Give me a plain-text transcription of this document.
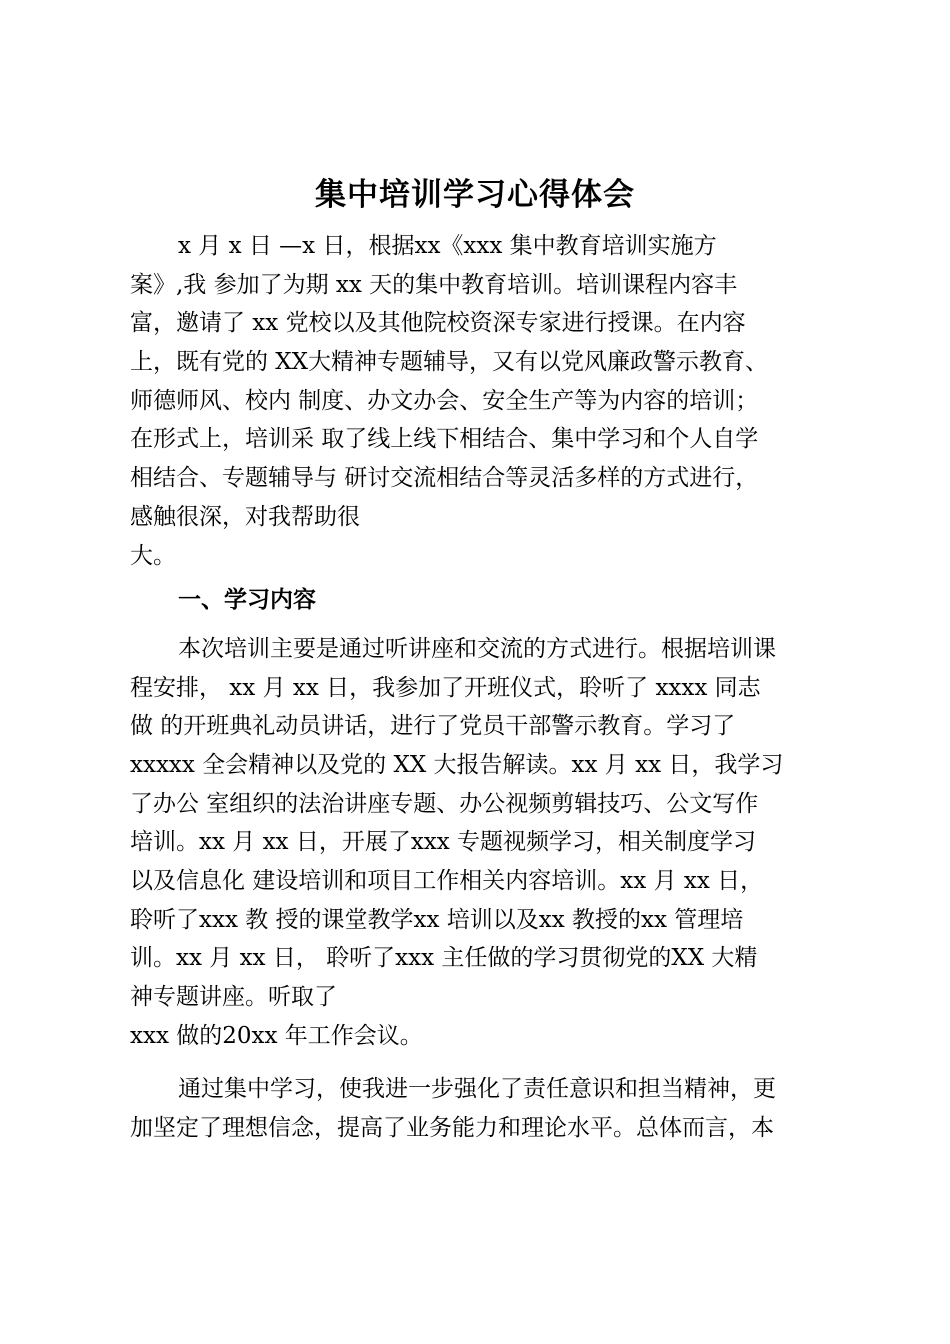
集中培训学习心得体会
x 月 x 日 —x 日，根据xx《xxx 集中教育培训实施方
案》,我 参加了为期 xx 天的集中教育培训。培训课程内容丰
富，邀请了 xx 党校以及其他院校资深专家进行授课。在内容
上，既有党的 XX大精神专题辅导，又有以党风廉政警示教育、
师德师风、校内 制度、办文办会、安全生产等为内容的培训；
在形式上，培训采 取了线上线下相结合、集中学习和个人自学
相结合、专题辅导与 研讨交流相结合等灵活多样的方式进行，
感触很深，对我帮助很
大。
一、学习内容
本次培训主要是通过听讲座和交流的方式进行。根据培训课
程安排， xx 月 xx 日，我参加了开班仪式，聆听了 xxxx 同志
做 的开班典礼动员讲话，进行了党员干部警示教育。学习了
xxxxx 全会精神以及党的 XX 大报告解读。xx 月 xx 日，我学习
了办公 室组织的法治讲座专题、办公视频剪辑技巧、公文写作
培训。xx 月 xx 日，开展了xxx 专题视频学习，相关制度学习
以及信息化 建设培训和项目工作相关内容培训。xx 月 xx 日，
聆听了xxx 教 授的课堂教学xx 培训以及xx 教授的xx 管理培
训。xx 月 xx 日， 聆听了xxx 主任做的学习贯彻党的XX 大精
神专题讲座。听取了
xxx 做的20xx 年工作会议。
通过集中学习，使我进一步强化了责任意识和担当精神，更
加坚定了理想信念，提高了业务能力和理论水平。总体而言，本
